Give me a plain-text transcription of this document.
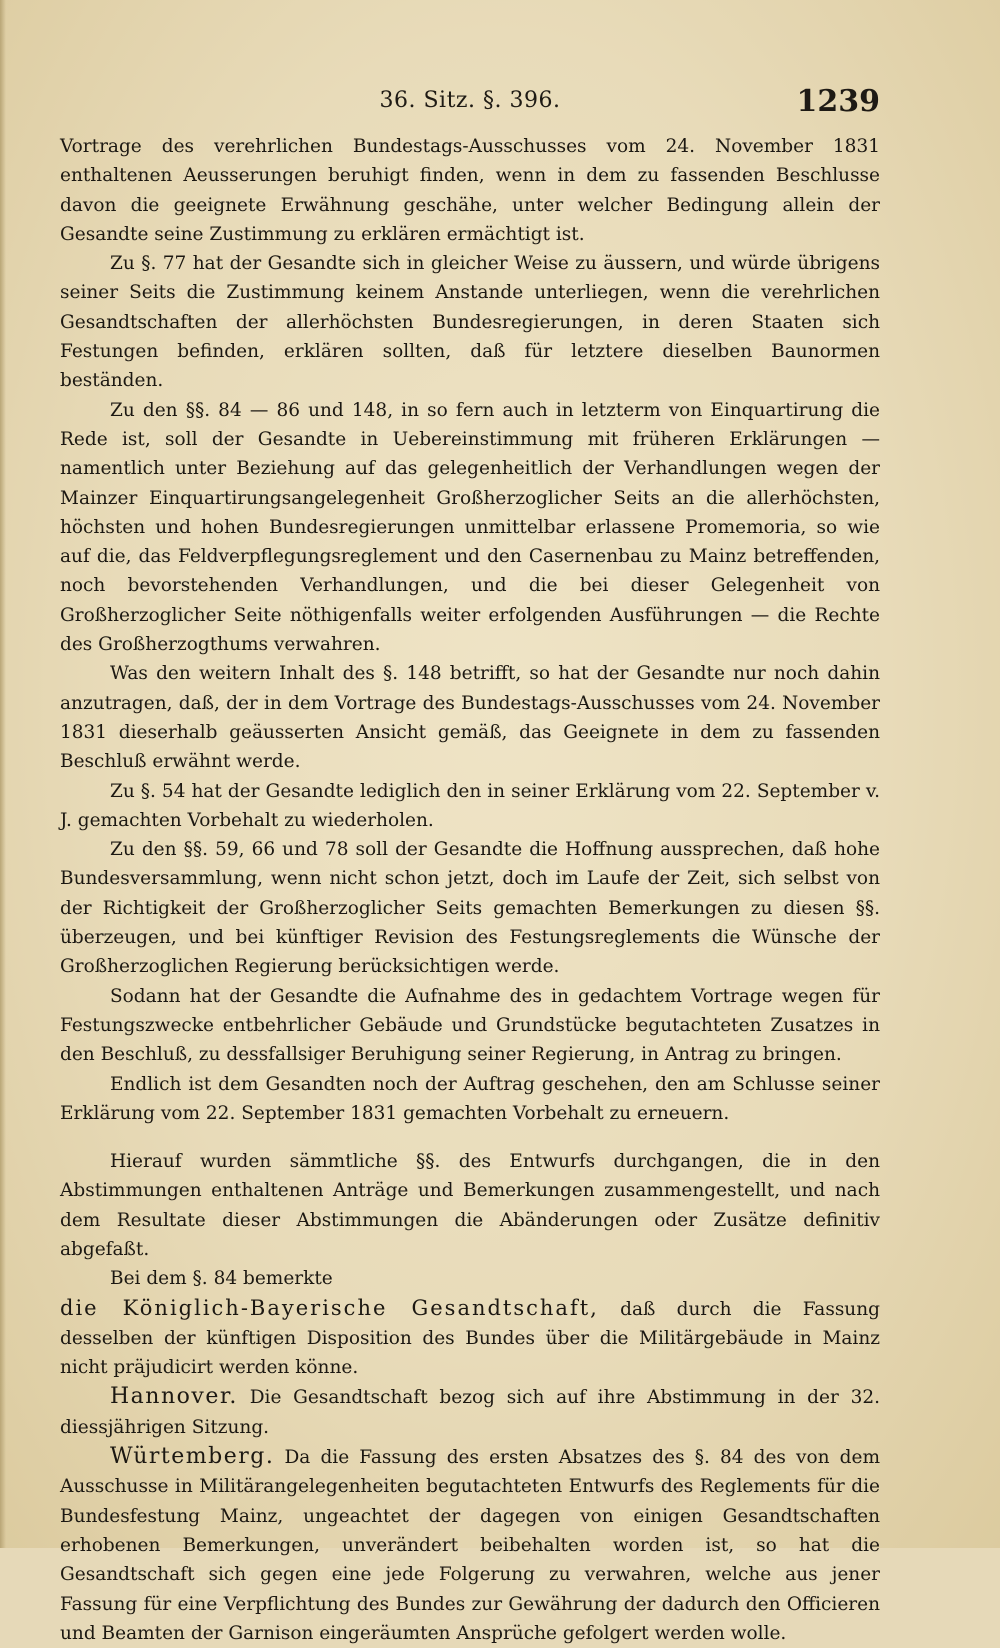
36. Sitz. §. 396.	1239

Vortrage des verehrlichen Bundestags-Ausschusses vom 24. November 1831 enthaltenen Aeusserungen beruhigt finden, wenn in dem zu fassenden Beschlusse davon die geeignete Erwähnung geschähe, unter welcher Bedingung allein der Gesandte seine Zustimmung zu erklären ermächtigt ist.

Zu §. 77 hat der Gesandte sich in gleicher Weise zu äussern, und würde übrigens seiner Seits die Zustimmung keinem Anstande unterliegen, wenn die verehrlichen Gesandtschaften der allerhöchsten Bundesregierungen, in deren Staaten sich Festungen befinden, erklären sollten, daß für letztere dieselben Baunormen beständen.

Zu den §§. 84 — 86 und 148, in so fern auch in letzterm von Einquartirung die Rede ist, soll der Gesandte in Uebereinstimmung mit früheren Erklärungen — namentlich unter Beziehung auf das gelegenheitlich der Verhandlungen wegen der Mainzer Einquartirungsangelegenheit Großherzoglicher Seits an die allerhöchsten, höchsten und hohen Bundesregierungen unmittelbar erlassene Promemoria, so wie auf die, das Feldverpflegungsreglement und den Casernenbau zu Mainz betreffenden, noch bevorstehenden Verhandlungen, und die bei dieser Gelegenheit von Großherzoglicher Seite nöthigenfalls weiter erfolgenden Ausführungen — die Rechte des Großherzogthums verwahren.

Was den weitern Inhalt des §. 148 betrifft, so hat der Gesandte nur noch dahin anzutragen, daß, der in dem Vortrage des Bundestags-Ausschusses vom 24. November 1831 dieserhalb geäusserten Ansicht gemäß, das Geeignete in dem zu fassenden Beschluß erwähnt werde.

Zu §. 54 hat der Gesandte lediglich den in seiner Erklärung vom 22. September v. J. gemachten Vorbehalt zu wiederholen.

Zu den §§. 59, 66 und 78 soll der Gesandte die Hoffnung aussprechen, daß hohe Bundesversammlung, wenn nicht schon jetzt, doch im Laufe der Zeit, sich selbst von der Richtigkeit der Großherzoglicher Seits gemachten Bemerkungen zu diesen §§. überzeugen, und bei künftiger Revision des Festungsreglements die Wünsche der Großherzoglichen Regierung berücksichtigen werde.

Sodann hat der Gesandte die Aufnahme des in gedachtem Vortrage wegen für Festungszwecke entbehrlicher Gebäude und Grundstücke begutachteten Zusatzes in den Beschluß, zu dessfallsiger Beruhigung seiner Regierung, in Antrag zu bringen.

Endlich ist dem Gesandten noch der Auftrag geschehen, den am Schlusse seiner Erklärung vom 22. September 1831 gemachten Vorbehalt zu erneuern.

Hierauf wurden sämmtliche §§. des Entwurfs durchgangen, die in den Abstimmungen enthaltenen Anträge und Bemerkungen zusammengestellt, und nach dem Resultate dieser Abstimmungen die Abänderungen oder Zusätze definitiv abgefaßt.

Bei dem §. 84 bemerkte

die Königlich-Bayerische Gesandtschaft, daß durch die Fassung desselben der künftigen Disposition des Bundes über die Militärgebäude in Mainz nicht präjudicirt werden könne.

Hannover. Die Gesandtschaft bezog sich auf ihre Abstimmung in der 32. diessjährigen Sitzung.

Würtemberg. Da die Fassung des ersten Absatzes des §. 84 des von dem Ausschusse in Militärangelegenheiten begutachteten Entwurfs des Reglements für die Bundesfestung Mainz, ungeachtet der dagegen von einigen Gesandtschaften erhobenen Bemerkungen, unverändert beibehalten worden ist, so hat die Gesandtschaft sich gegen eine jede Folgerung zu verwahren, welche aus jener Fassung für eine Verpflichtung des Bundes zur Gewährung der dadurch den Officieren und Beamten der Garnison eingeräumten Ansprüche gefolgert werden wolle.
